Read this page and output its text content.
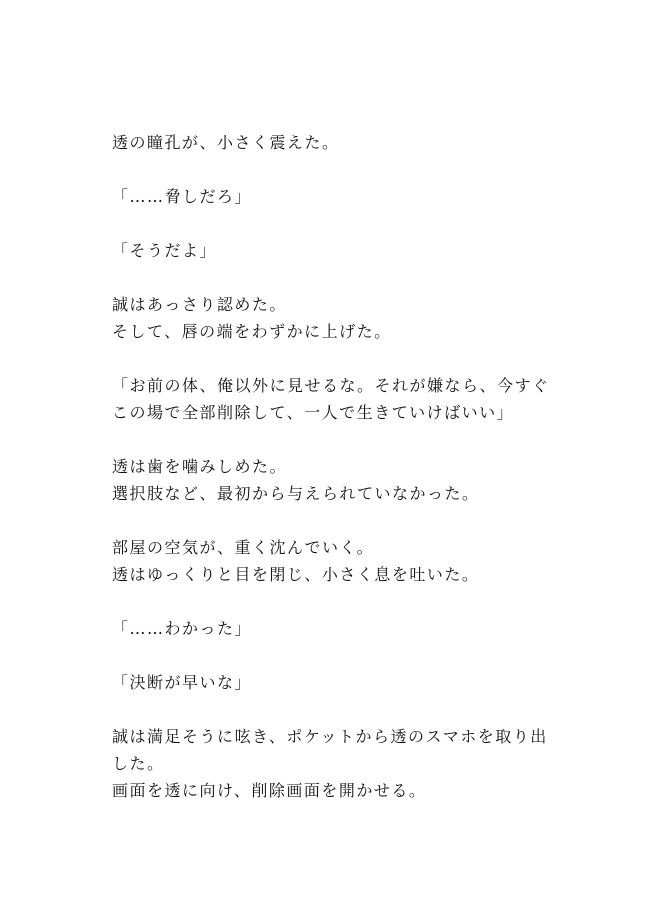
透の瞳孔が、小さく震えた。

「……脅しだろ」

「そうだよ」

誠はあっさり認めた。
そして、唇の端をわずかに上げた。

「お前の体、俺以外に見せるな。それが嫌なら、今すぐ
この場で全部削除して、一人で生きていけばいい」

透は歯を噛みしめた。
選択肢など、最初から与えられていなかった。

部屋の空気が、重く沈んでいく。
透はゆっくりと目を閉じ、小さく息を吐いた。

「……わかった」

「決断が早いな」

誠は満足そうに呟き、ポケットから透のスマホを取り出
した。
画面を透に向け、削除画面を開かせる。
